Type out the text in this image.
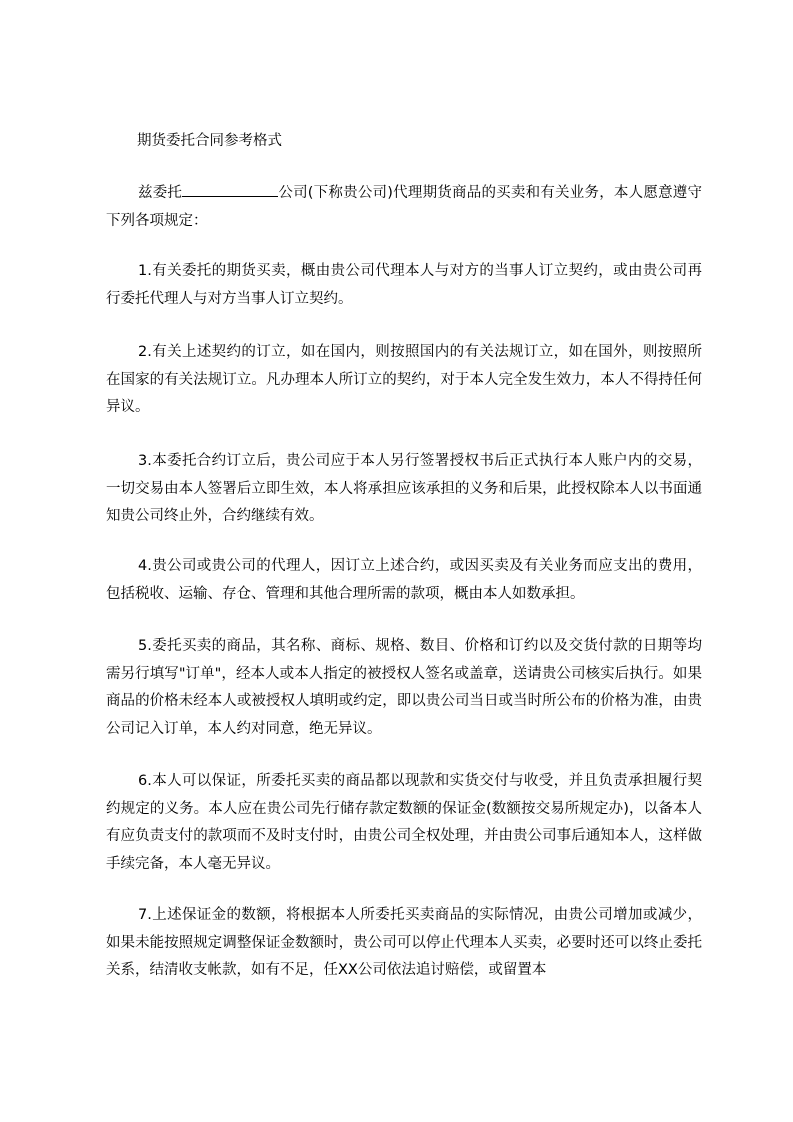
期货委托合同参考格式

兹委托	公司(下称贵公司)代理期货商品的买卖和有关业务，本人愿意遵守下列各项规定：

1.有关委托的期货买卖，概由贵公司代理本人与对方的当事人订立契约，或由贵公司再行委托代理人与对方当事人订立契约。

2.有关上述契约的订立，如在国内，则按照国内的有关法规订立，如在国外，则按照所在国家的有关法规订立。凡办理本人所订立的契约，对于本人完全发生效力，本人不得持任何异议。

3.本委托合约订立后，贵公司应于本人另行签署授权书后正式执行本人账户内的交易，一切交易由本人签署后立即生效，本人将承担应该承担的义务和后果，此授权除本人以书面通知贵公司终止外，合约继续有效。

4.贵公司或贵公司的代理人，因订立上述合约，或因买卖及有关业务而应支出的费用，包括税收、运输、存仓、管理和其他合理所需的款项，概由本人如数承担。

5.委托买卖的商品，其名称、商标、规格、数目、价格和订约以及交货付款的日期等均需另行填写"订单"，经本人或本人指定的被授权人签名或盖章，送请贵公司核实后执行。如果商品的价格未经本人或被授权人填明或约定，即以贵公司当日或当时所公布的价格为准，由贵公司记入订单，本人约对同意，绝无异议。

6.本人可以保证，所委托买卖的商品都以现款和实货交付与收受，并且负责承担履行契约规定的义务。本人应在贵公司先行储存款定数额的保证金(数额按交易所规定办)，以备本人有应负责支付的款项而不及时支付时，由贵公司全权处理，并由贵公司事后通知本人，这样做手续完备，本人毫无异议。

7.上述保证金的数额，将根据本人所委托买卖商品的实际情况，由贵公司增加或减少，如果未能按照规定调整保证金数额时，贵公司可以停止代理本人买卖，必要时还可以终止委托关系，结清收支帐款，如有不足，任XX公司依法追讨赔偿，或留置本
